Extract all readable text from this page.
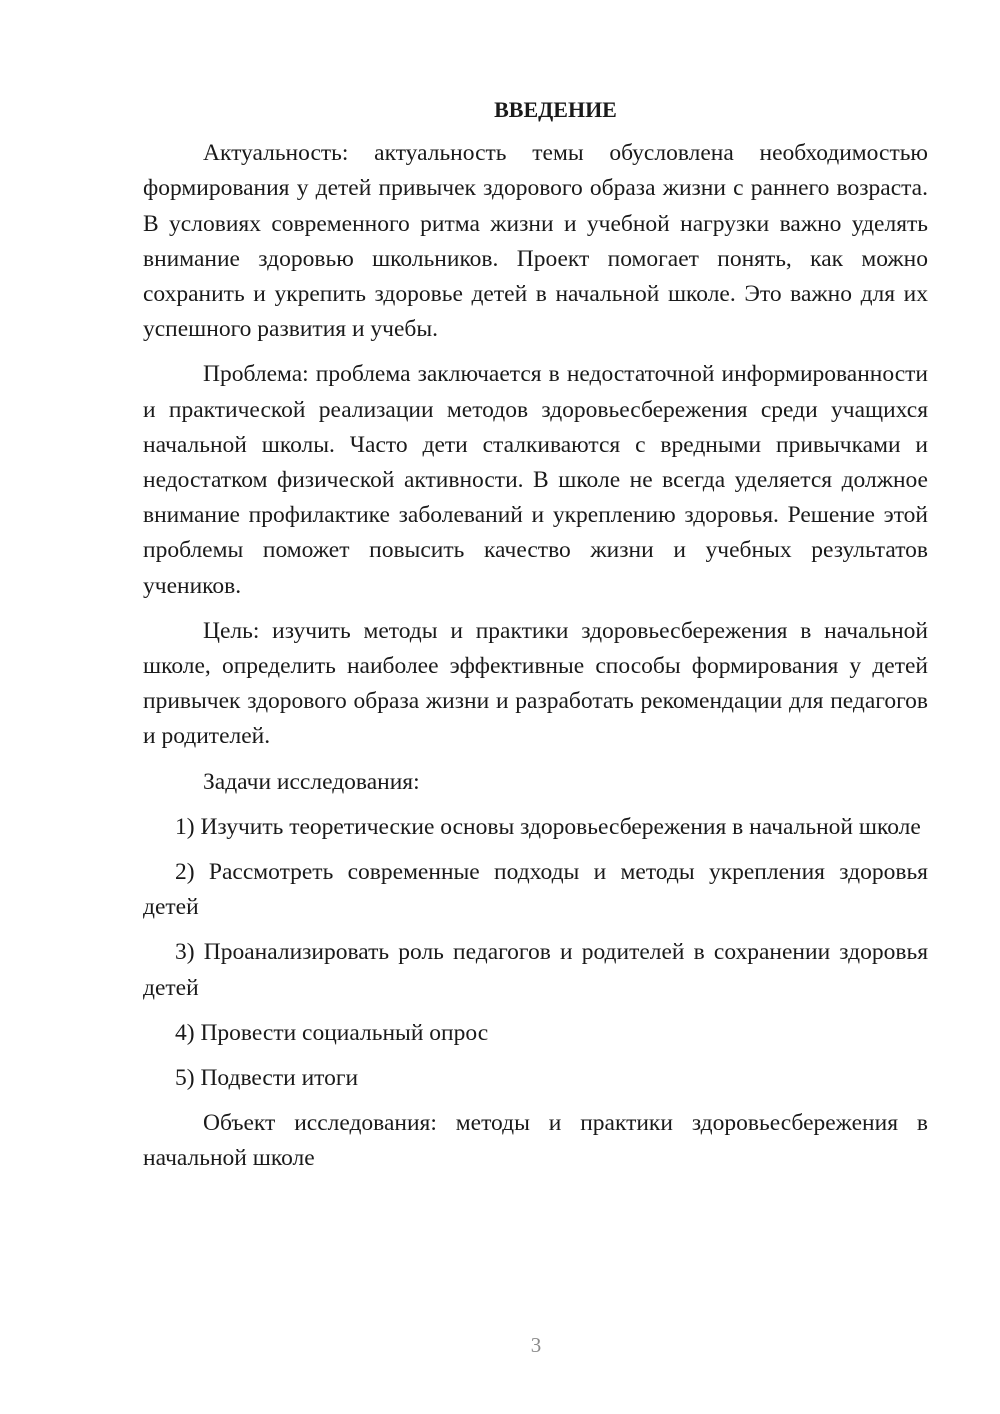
ВВЕДЕНИЕ

Актуальность: актуальность темы обусловлена необходимостью формирования у детей привычек здорового образа жизни с раннего возраста. В условиях современного ритма жизни и учебной нагрузки важно уделять внимание здоровью школьников. Проект помогает понять, как можно сохранить и укрепить здоровье детей в начальной школе. Это важно для их успешного развития и учебы.

Проблема: проблема заключается в недостаточной информированности и практической реализации методов здоровьесбережения среди учащихся начальной школы. Часто дети сталкиваются с вредными привычками и недостатком физической активности. В школе не всегда уделяется должное внимание профилактике заболеваний и укреплению здоровья. Решение этой проблемы поможет повысить качество жизни и учебных результатов учеников.

Цель: изучить методы и практики здоровьесбережения в начальной школе, определить наиболее эффективные способы формирования у детей привычек здорового образа жизни и разработать рекомендации для педагогов и родителей.

Задачи исследования:

1) Изучить теоретические основы здоровьесбережения в начальной школе

2) Рассмотреть современные подходы и методы укрепления здоровья детей

3) Проанализировать роль педагогов и родителей в сохранении здоровья детей

4) Провести социальный опрос

5) Подвести итоги

Объект исследования: методы и практики здоровьесбережения в начальной школе

3
